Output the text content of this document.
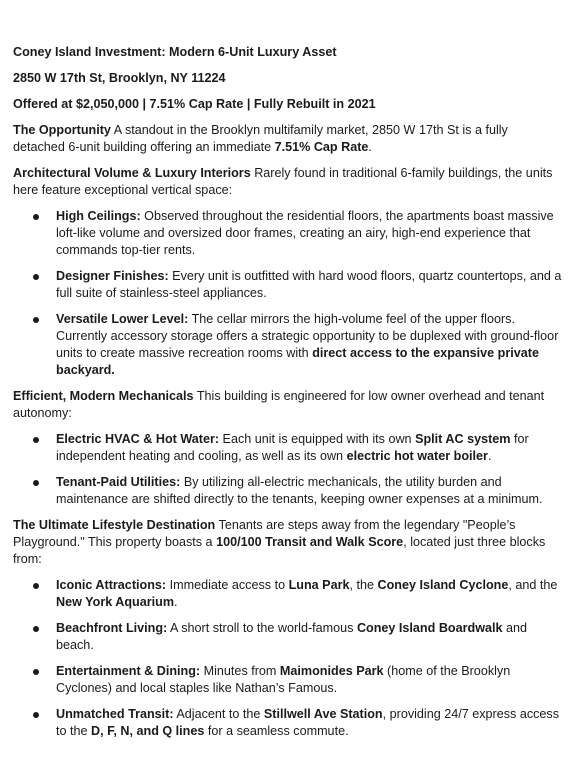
Coney Island Investment: Modern 6-Unit Luxury Asset

2850 W 17th St, Brooklyn, NY 11224

Offered at $2,050,000 | 7.51% Cap Rate | Fully Rebuilt in 2021

The Opportunity A standout in the Brooklyn multifamily market, 2850 W 17th St is a fully detached 6-unit building offering an immediate 7.51% Cap Rate.

Architectural Volume & Luxury Interiors Rarely found in traditional 6-family buildings, the units here feature exceptional vertical space:

High Ceilings: Observed throughout the residential floors, the apartments boast massive loft-like volume and oversized door frames, creating an airy, high-end experience that commands top-tier rents.
Designer Finishes: Every unit is outfitted with hard wood floors, quartz countertops, and a full suite of stainless-steel appliances.
Versatile Lower Level: The cellar mirrors the high-volume feel of the upper floors. Currently accessory storage offers a strategic opportunity to be duplexed with ground-floor units to create massive recreation rooms with direct access to the expansive private backyard.

Efficient, Modern Mechanicals This building is engineered for low owner overhead and tenant autonomy:

Electric HVAC & Hot Water: Each unit is equipped with its own Split AC system for independent heating and cooling, as well as its own electric hot water boiler.
Tenant-Paid Utilities: By utilizing all-electric mechanicals, the utility burden and maintenance are shifted directly to the tenants, keeping owner expenses at a minimum.

The Ultimate Lifestyle Destination Tenants are steps away from the legendary "People’s Playground." This property boasts a 100/100 Transit and Walk Score, located just three blocks from:

Iconic Attractions: Immediate access to Luna Park, the Coney Island Cyclone, and the New York Aquarium.
Beachfront Living: A short stroll to the world-famous Coney Island Boardwalk and beach.
Entertainment & Dining: Minutes from Maimonides Park (home of the Brooklyn Cyclones) and local staples like Nathan’s Famous.
Unmatched Transit: Adjacent to the Stillwell Ave Station, providing 24/7 express access to the D, F, N, and Q lines for a seamless commute.
